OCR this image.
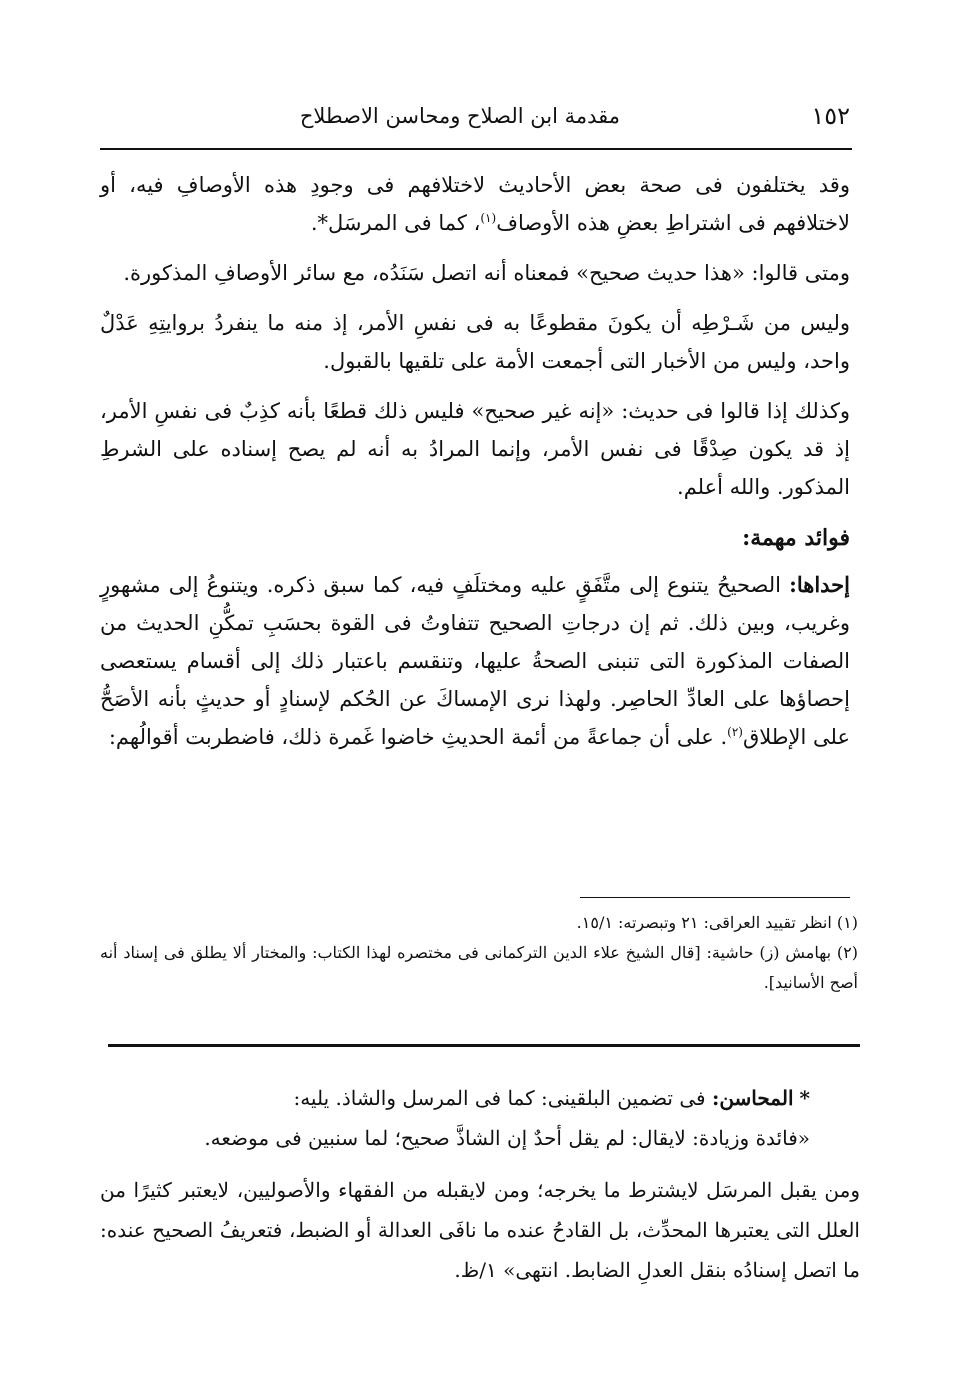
١٥٢
مقدمة ابن الصلاح ومحاسن الاصطلاح

وقد يختلفون فى صحة بعض الأحاديث لاختلافهم فى وجودِ هذه الأوصافِ فيه، أو لاختلافهم فى اشتراطِ بعضِ هذه الأوصاف$^{(١)}$، كما فى المرسَل*.

ومتى قالوا: «هذا حديث صحيح» فمعناه أنه اتصل سَنَدُه، مع سائر الأوصافِ المذكورة.

وليس من شَـرْطِه أن يكونَ مقطوعًا به فى نفسِ الأمر، إذ منه ما ينفردُ بروايتِهِ عَدْلٌ واحد، وليس من الأخبار التى أجمعت الأمة على تلقيها بالقبول.

وكذلك إذا قالوا فى حديث: «إنه غير صحيح» فليس ذلك قطعًا بأنه كذِبٌ فى نفسِ الأمر، إذ قد يكون صِدْقًا فى نفس الأمر، وإنما المرادُ به أنه لم يصح إسناده على الشرطِ المذكور. والله أعلم.

فوائد مهمة:

إحداها: الصحيحُ يتنوع إلى متَّفَقٍ عليه ومختلَفٍ فيه، كما سبق ذكره. ويتنوعُ إلى مشهورٍ وغريب، وبين ذلك. ثم إن درجاتِ الصحيح تتفاوتُ فى القوة بحسَبِ تمكُّنِ الحديث من الصفات المذكورة التى تنبنى الصحةُ عليها، وتنقسم باعتبار ذلك إلى أقسام يستعصى إحصاؤها على العادِّ الحاصِر. ولهذا نرى الإمساكَ عن الحُكم لإسنادٍ أو حديثٍ بأنه الأصَحُّ على الإطلاق$^{(٢)}$. على أن جماعةً من أئمة الحديثِ خاضوا غَمرة ذلك، فاضطربت أقوالُهم:

(١) انظر تقييد العراقى: ٢١ وتبصرته: ١٥/١.

(٢) بهامش (ز) حاشية: [قال الشيخ علاء الدين التركمانى فى مختصره لهذا الكتاب: والمختار ألا يطلق فى إسناد أنه أصح الأسانيد].

*المحاسن: فى تضمين البلقينى: كما فى المرسل والشاذ. يليه:

«فائدة وزيادة: لايقال: لم يقل أحدٌ إن الشاذَّ صحيح؛ لما سنبين فى موضعه.

ومن يقبل المرسَل لايشترط ما يخرجه؛ ومن لايقبله من الفقهاء والأصوليين، لايعتبر كثيرًا من العلل التى يعتبرها المحدِّث، بل القادحُ عنده ما نافَى العدالة أو الضبط، فتعريفُ الصحيح عنده: ما اتصل إسنادُه بنقل العدلِ الضابط. انتهى» ١/ظ.
